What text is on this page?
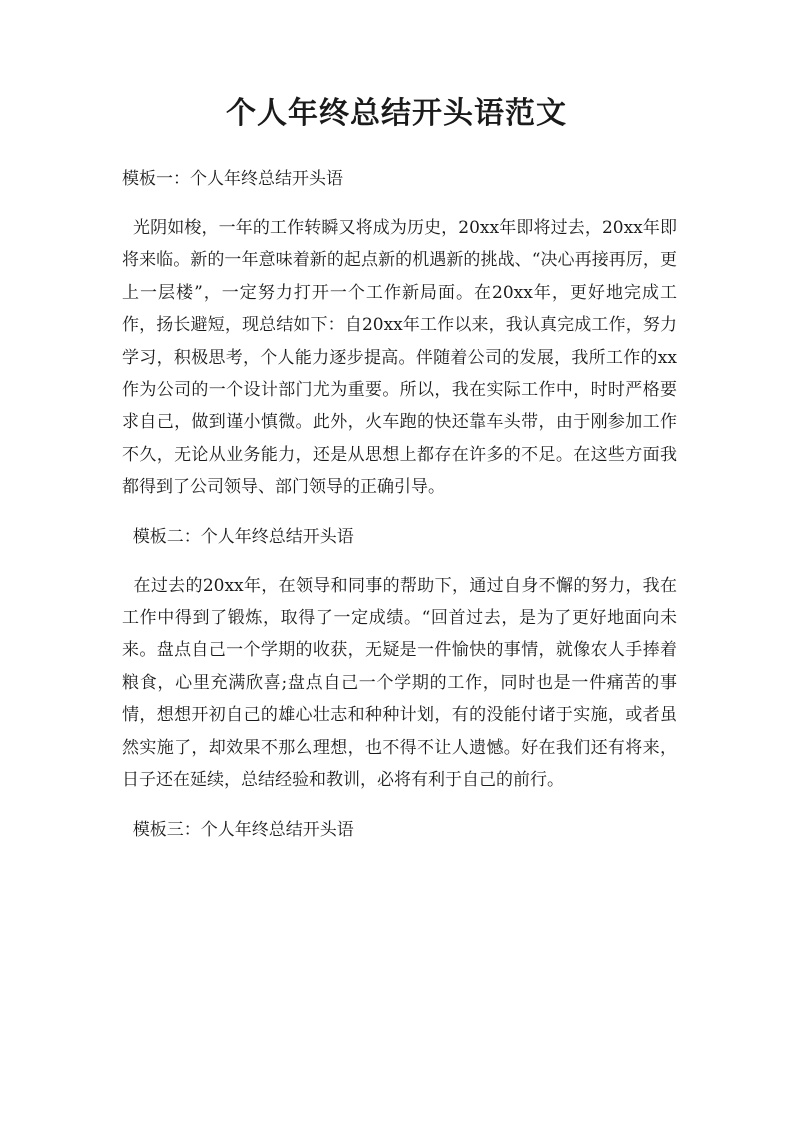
个人年终总结开头语范文

模板一：个人年终总结开头语

光阴如梭，一年的工作转瞬又将成为历史，20xx年即将过去，20xx年即将来临。新的一年意味着新的起点新的机遇新的挑战、“决心再接再厉，更上一层楼”，一定努力打开一个工作新局面。在20xx年，更好地完成工作，扬长避短，现总结如下：自20xx年工作以来，我认真完成工作，努力学习，积极思考，个人能力逐步提高。伴随着公司的发展，我所工作的xx作为公司的一个设计部门尤为重要。所以，我在实际工作中，时时严格要求自己，做到谨小慎微。此外，火车跑的快还靠车头带，由于刚参加工作不久，无论从业务能力，还是从思想上都存在许多的不足。在这些方面我都得到了公司领导、部门领导的正确引导。

模板二：个人年终总结开头语

在过去的20xx年，在领导和同事的帮助下，通过自身不懈的努力，我在工作中得到了锻炼，取得了一定成绩。“回首过去，是为了更好地面向未来。盘点自己一个学期的收获，无疑是一件愉快的事情，就像农人手捧着粮食，心里充满欣喜;盘点自己一个学期的工作，同时也是一件痛苦的事情，想想开初自己的雄心壮志和种种计划，有的没能付诸于实施，或者虽然实施了，却效果不那么理想，也不得不让人遗憾。好在我们还有将来，日子还在延续，总结经验和教训，必将有利于自己的前行。

模板三：个人年终总结开头语
